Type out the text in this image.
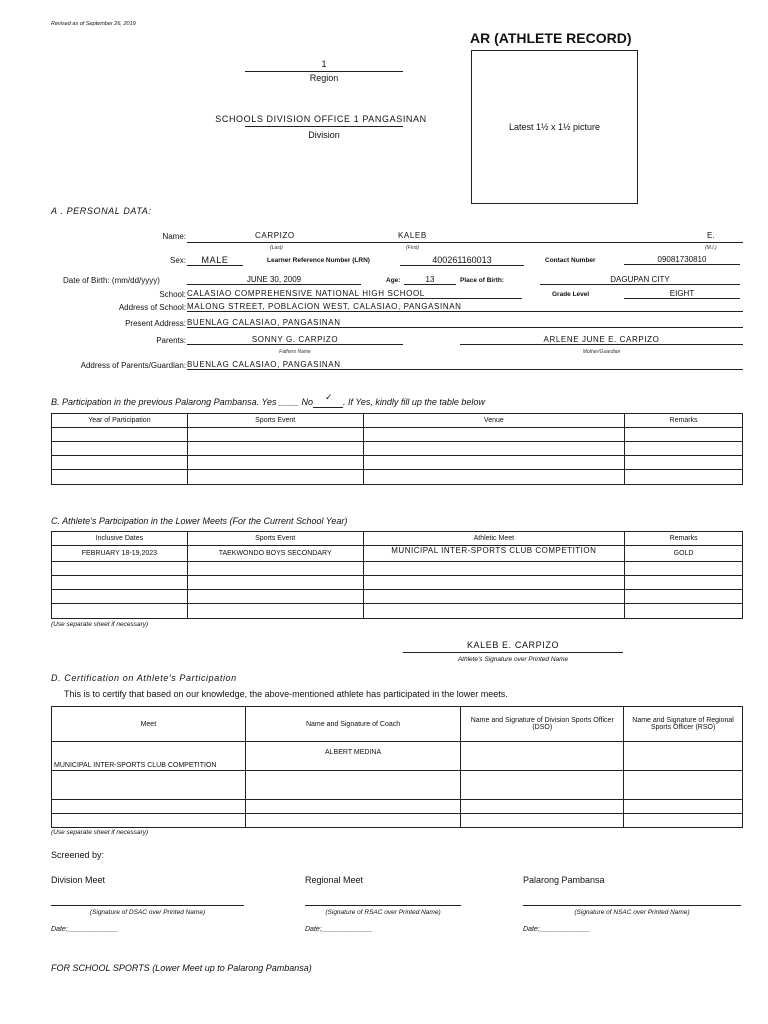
Revised as of September 26, 2019
AR (ATHLETE RECORD)
1
Region
SCHOOLS DIVISION OFFICE 1 PANGASINAN
Division
Latest 1½ x 1½ picture
A . PERSONAL DATA:
Name:	CARPIZO	KALEB	E.
(Last)	(First)	(M.I.)
Sex:	MALE	Learner Reference Number (LRN)	400261160013	Contact Number	09081730810
Date of Birth: (mm/dd/yyyy)	JUNE 30, 2009	Age:	13	Place of Birth:	DAGUPAN CITY
School: CALASIAO COMPREHENSIVE NATIONAL HIGH SCHOOL	Grade Level	EIGHT
Address of School: MALONG STREET, POBLACION WEST, CALASIAO, PANGASINAN
Present Address: BUENLAG CALASIAO, PANGASINAN
Parents:	SONNY G. CARPIZO	ARLENE JUNE E. CARPIZO
Fathers Name	Mother/Guardian
Address of Parents/Guardian: BUENLAG CALASIAO, PANGASINAN
B. Participation in the previous Palarong Pambansa. Yes ____ No ✓ . If Yes, kindly fill up the table below
Year of Participation	Sports Event	Venue	Remarks

C. Athlete's Participation in the Lower Meets (For the Current School Year)
Inclusive Dates	Sports Event	Athletic Meet	Remarks
FEBRUARY 18-19,2023	TAEKWONDO BOYS SECONDARY	MUNICIPAL INTER-SPORTS CLUB COMPETITION	GOLD

(Use separate sheet if necessary)
KALEB E. CARPIZO
Athlete's Signature over Printed Name
D. Certification on Athlete's Participation
This is to certify that based on our knowledge, the above-mentioned athlete has participated in the lower meets.
Meet	Name and Signature of Coach	Name and Signature of Division Sports Officer (DSO)	Name and Signature of Regional Sports Officer (RSO)
MUNICIPAL INTER-SPORTS CLUB COMPETITION	ALBERT MEDINA		

(Use separate sheet if necessary)
Screened by:
Division Meet
(Signature of DSAC over Printed Name)
Date:_____________
Regional Meet
(Signature of RSAC over Printed Name)
Date:_____________
Palarong Pambansa
(Signature of NSAC over Printed Name)
Date:_____________
FOR SCHOOL SPORTS (Lower Meet up to Palarong Pambansa)
